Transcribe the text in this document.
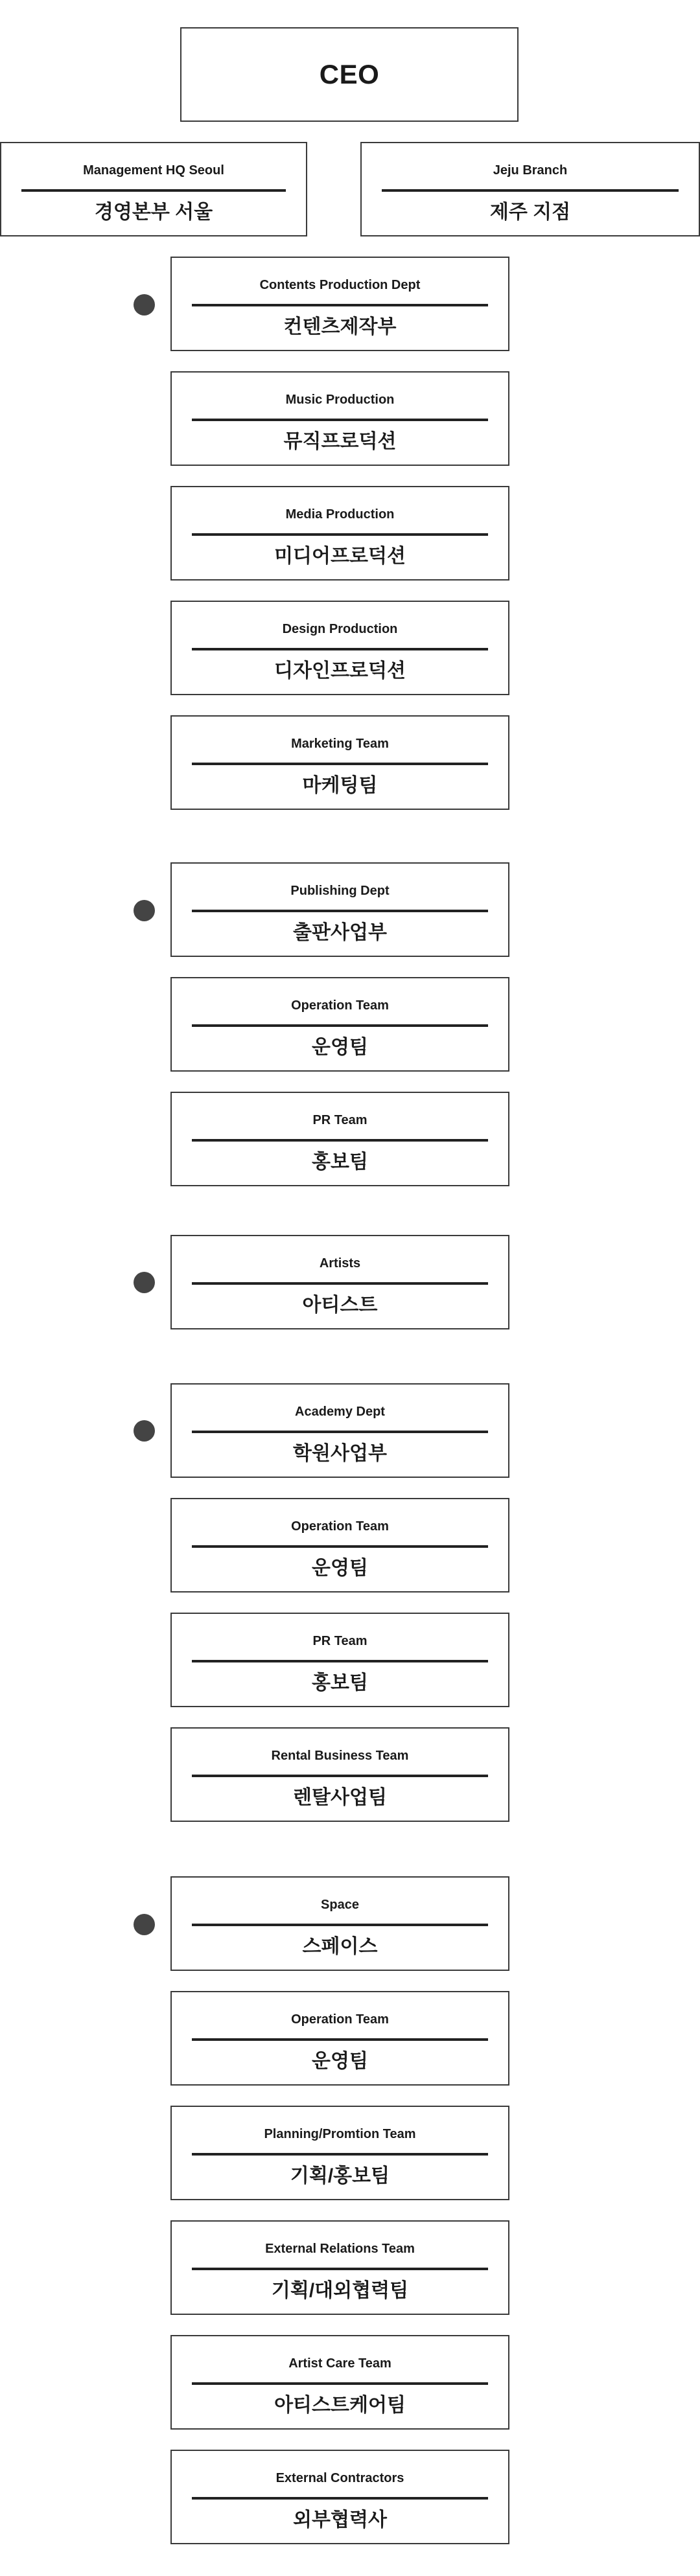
CEO
Management HQ Seoul
경영본부 서울
Jeju Branch
제주 지점
Contents Production Dept
컨텐츠제작부
Music Production
뮤직프로덕션
Media Production
미디어프로덕션
Design Production
디자인프로덕션
Marketing Team
마케팅팀
Publishing Dept
출판사업부
Operation Team
운영팀
PR Team
홍보팀
Artists
아티스트
Academy Dept
학원사업부
Operation Team
운영팀
PR Team
홍보팀
Rental Business Team
렌탈사업팀
Space
스페이스
Operation Team
운영팀
Planning/Promtion Team
기획/홍보팀
External Relations Team
기획/대외협력팀
Artist Care Team
아티스트케어팀
External Contractors
외부협력사
